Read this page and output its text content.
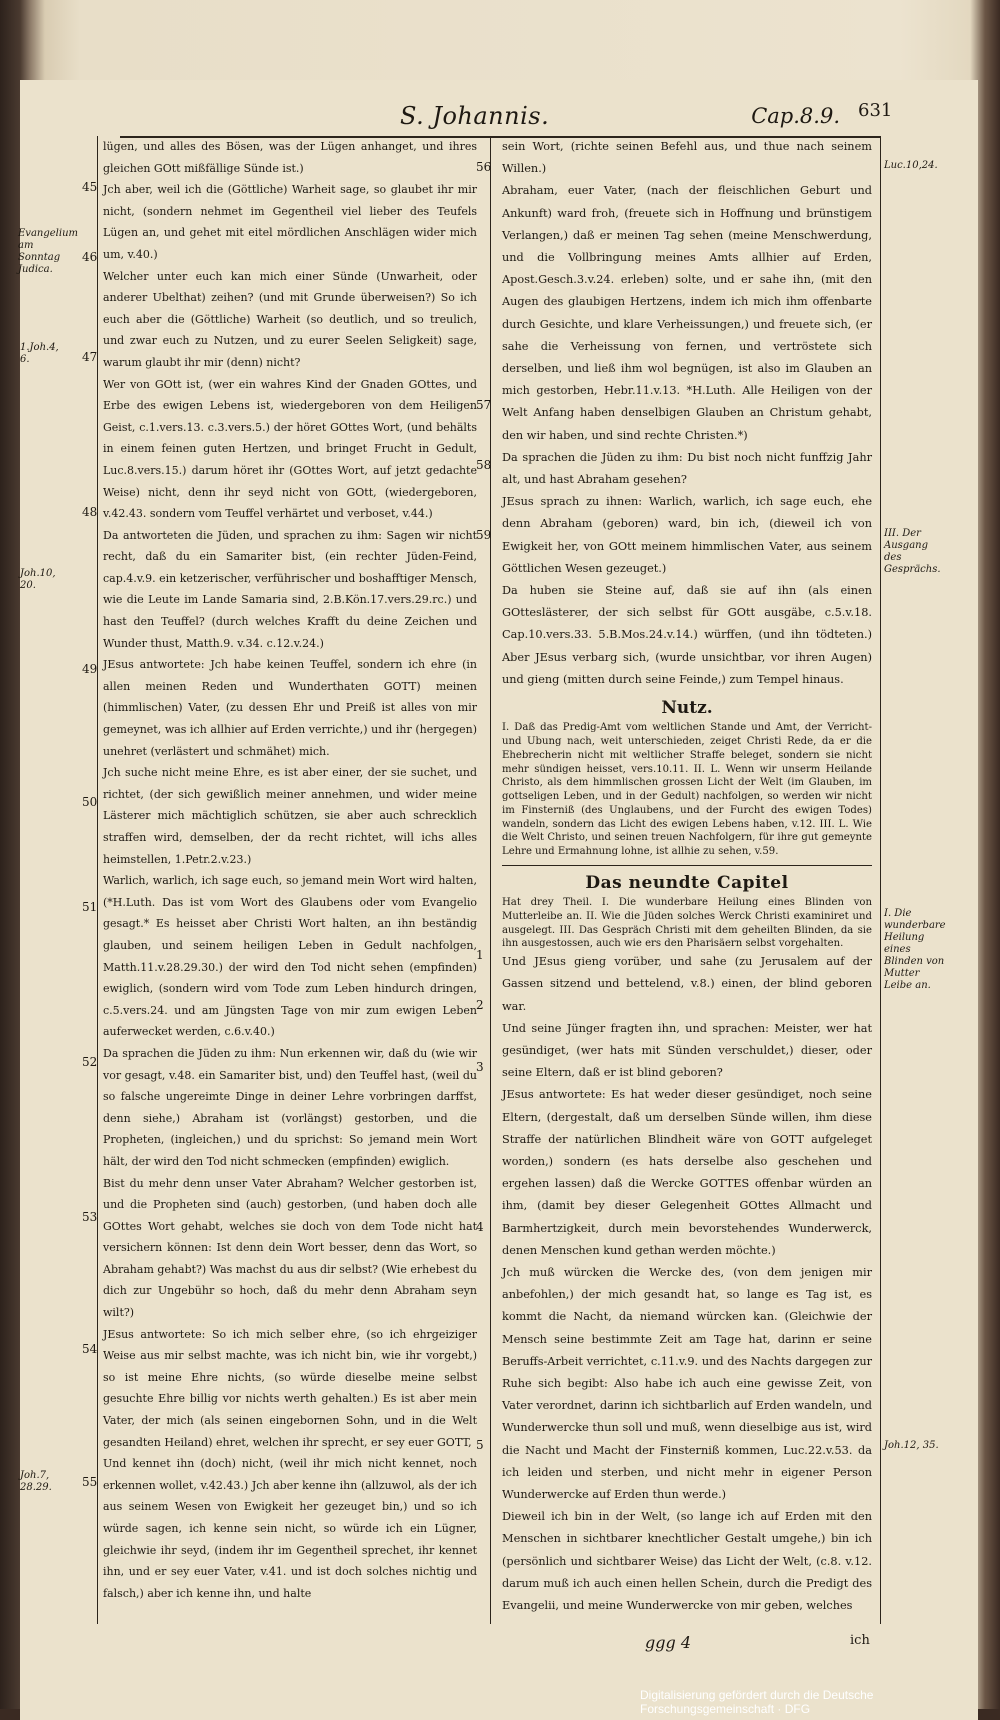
S. Johannis.	Cap.8.9. 631
45
46
47
48
49
50
51
52
53
54
55
56
57
58
59
1
2
3
4
5
Evangelium am Sonntag Judica.
1.Joh.4, 6.
Joh.10, 20.
Joh.7, 28.29.
Luc.10,24.
III. Der Ausgang des Gesprächs.
I. Die wunderbare Heilung eines Blinden von Mutter Leibe an.
Joh.12, 35.

lügen, und alles des Bösen, was der Lügen anhanget, und ihres gleichen GOtt mißfällige Sünde ist.)

Jch aber, weil ich die (Göttliche) Warheit sage, so glaubet ihr mir nicht, (sondern nehmet im Gegentheil viel lieber des Teufels Lügen an, und gehet mit eitel mördlichen Anschlägen wider mich um, v.40.)

Welcher unter euch kan mich einer Sünde (Unwarheit, oder anderer Ubelthat) zeihen? (und mit Grunde überweisen?) So ich euch aber die (Göttliche) Warheit (so deutlich, und so treulich, und zwar euch zu Nutzen, und zu eurer Seelen Seligkeit) sage, warum glaubt ihr mir (denn) nicht?

Wer von GOtt ist, (wer ein wahres Kind der Gnaden GOttes, und Erbe des ewigen Lebens ist, wiedergeboren von dem Heiligen Geist, c.1.vers.13. c.3.vers.5.) der höret GOttes Wort, (und behälts in einem feinen guten Hertzen, und bringet Frucht in Gedult, Luc.8.vers.15.) darum höret ihr (GOttes Wort, auf jetzt gedachte Weise) nicht, denn ihr seyd nicht von GOtt, (wiedergeboren, v.42.43. sondern vom Teuffel verhärtet und verboset, v.44.)

Da antworteten die Jüden, und sprachen zu ihm: Sagen wir nicht recht, daß du ein Samariter bist, (ein rechter Jüden-Feind, cap.4.v.9. ein ketzerischer, verführischer und boshafftiger Mensch, wie die Leute im Lande Samaria sind, 2.B.Kön.17.vers.29.rc.) und hast den Teuffel? (durch welches Krafft du deine Zeichen und Wunder thust, Matth.9. v.34. c.12.v.24.)

JEsus antwortete: Jch habe keinen Teuffel, sondern ich ehre (in allen meinen Reden und Wunderthaten GOTT) meinen (himmlischen) Vater, (zu dessen Ehr und Preiß ist alles von mir gemeynet, was ich allhier auf Erden verrichte,) und ihr (hergegen) unehret (verlästert und schmähet) mich.

Jch suche nicht meine Ehre, es ist aber einer, der sie suchet, und richtet, (der sich gewißlich meiner annehmen, und wider meine Lästerer mich mächtiglich schützen, sie aber auch schrecklich straffen wird, demselben, der da recht richtet, will ichs alles heimstellen, 1.Petr.2.v.23.)

Warlich, warlich, ich sage euch, so jemand mein Wort wird halten, (*H.Luth. Das ist vom Wort des Glaubens oder vom Evangelio gesagt.* Es heisset aber Christi Wort halten, an ihn beständig glauben, und seinem heiligen Leben in Gedult nachfolgen, Matth.11.v.28.29.30.) der wird den Tod nicht sehen (empfinden) ewiglich, (sondern wird vom Tode zum Leben hindurch dringen, c.5.vers.24. und am Jüngsten Tage von mir zum ewigen Leben auferwecket werden, c.6.v.40.)

Da sprachen die Jüden zu ihm: Nun erkennen wir, daß du (wie wir vor gesagt, v.48. ein Samariter bist, und) den Teuffel hast, (weil du so falsche ungereimte Dinge in deiner Lehre vorbringen darffst, denn siehe,) Abraham ist (vorlängst) gestorben, und die Propheten, (ingleichen,) und du sprichst: So jemand mein Wort hält, der wird den Tod nicht schmecken (empfinden) ewiglich.

Bist du mehr denn unser Vater Abraham? Welcher gestorben ist, und die Propheten sind (auch) gestorben, (und haben doch alle GOttes Wort gehabt, welches sie doch von dem Tode nicht hat versichern können: Ist denn dein Wort besser, denn das Wort, so Abraham gehabt?) Was machst du aus dir selbst? (Wie erhebest du dich zur Ungebühr so hoch, daß du mehr denn Abraham seyn wilt?)

JEsus antwortete: So ich mich selber ehre, (so ich ehrgeiziger Weise aus mir selbst machte, was ich nicht bin, wie ihr vorgebt,) so ist meine Ehre nichts, (so würde dieselbe meine selbst gesuchte Ehre billig vor nichts werth gehalten.) Es ist aber mein Vater, der mich (als seinen eingebornen Sohn, und in die Welt gesandten Heiland) ehret, welchen ihr sprecht, er sey euer GOTT,

Und kennet ihn (doch) nicht, (weil ihr mich nicht kennet, noch erkennen wollet, v.42.43.) Jch aber kenne ihn (allzuwol, als der ich aus seinem Wesen von Ewigkeit her gezeuget bin,) und so ich würde sagen, ich kenne sein nicht, so würde ich ein Lügner, gleichwie ihr seyd, (indem ihr im Gegentheil sprechet, ihr kennet ihn, und er sey euer Vater, v.41. und ist doch solches nichtig und falsch,) aber ich kenne ihn, und halte

sein Wort, (richte seinen Befehl aus, und thue nach seinem Willen.)

Abraham, euer Vater, (nach der fleischlichen Geburt und Ankunft) ward froh, (freuete sich in Hoffnung und brünstigem Verlangen,) daß er meinen Tag sehen (meine Menschwerdung, und die Vollbringung meines Amts allhier auf Erden, Apost.Gesch.3.v.24. erleben) solte, und er sahe ihn, (mit den Augen des glaubigen Hertzens, indem ich mich ihm offenbarte durch Gesichte, und klare Verheissungen,) und freuete sich, (er sahe die Verheissung von fernen, und vertröstete sich derselben, und ließ ihm wol begnügen, ist also im Glauben an mich gestorben, Hebr.11.v.13. *H.Luth. Alle Heiligen von der Welt Anfang haben denselbigen Glauben an Christum gehabt, den wir haben, und sind rechte Christen.*)

Da sprachen die Jüden zu ihm: Du bist noch nicht funffzig Jahr alt, und hast Abraham gesehen?

JEsus sprach zu ihnen: Warlich, warlich, ich sage euch, ehe denn Abraham (geboren) ward, bin ich, (dieweil ich von Ewigkeit her, von GOtt meinem himmlischen Vater, aus seinem Göttlichen Wesen gezeuget.)

Da huben sie Steine auf, daß sie auf ihn (als einen GOtteslästerer, der sich selbst für GOtt ausgäbe, c.5.v.18. Cap.10.vers.33. 5.B.Mos.24.v.14.) würffen, (und ihn tödteten.) Aber JEsus verbarg sich, (wurde unsichtbar, vor ihren Augen) und gieng (mitten durch seine Feinde,) zum Tempel hinaus.

Nutz.
I. Daß das Predig-Amt vom weltlichen Stande und Amt, der Verricht- und Ubung nach, weit unterschieden, zeiget Christi Rede, da er die Ehebrecherin nicht mit weltlicher Straffe beleget, sondern sie nicht mehr sündigen heisset, vers.10.11. II. L. Wenn wir unserm Heilande Christo, als dem himmlischen grossen Licht der Welt (im Glauben, im gottseligen Leben, und in der Gedult) nachfolgen, so werden wir nicht im Finsterniß (des Unglaubens, und der Furcht des ewigen Todes) wandeln, sondern das Licht des ewigen Lebens haben, v.12. III. L. Wie die Welt Christo, und seinen treuen Nachfolgern, für ihre gut gemeynte Lehre und Ermahnung lohne, ist allhie zu sehen, v.59.
Das neundte Capitel
Hat drey Theil. I. Die wunderbare Heilung eines Blinden von Mutterleibe an. II. Wie die Jüden solches Werck Christi examiniret und ausgelegt. III. Das Gespräch Christi mit dem geheilten Blinden, da sie ihn ausgestossen, auch wie ers den Pharisäern selbst vorgehalten.

Und JEsus gieng vorüber, und sahe (zu Jerusalem auf der Gassen sitzend und bettelend, v.8.) einen, der blind geboren war.

Und seine Jünger fragten ihn, und sprachen: Meister, wer hat gesündiget, (wer hats mit Sünden verschuldet,) dieser, oder seine Eltern, daß er ist blind geboren?

JEsus antwortete: Es hat weder dieser gesündiget, noch seine Eltern, (dergestalt, daß um derselben Sünde willen, ihm diese Straffe der natürlichen Blindheit wäre von GOTT aufgeleget worden,) sondern (es hats derselbe also geschehen und ergehen lassen) daß die Wercke GOTTES offenbar würden an ihm, (damit bey dieser Gelegenheit GOttes Allmacht und Barmhertzigkeit, durch mein bevorstehendes Wunderwerck, denen Menschen kund gethan werden möchte.)

Jch muß würcken die Wercke des, (von dem jenigen mir anbefohlen,) der mich gesandt hat, so lange es Tag ist, es kommt die Nacht, da niemand würcken kan. (Gleichwie der Mensch seine bestimmte Zeit am Tage hat, darinn er seine Beruffs-Arbeit verrichtet, c.11.v.9. und des Nachts dargegen zur Ruhe sich begibt: Also habe ich auch eine gewisse Zeit, von Vater verordnet, darinn ich sichtbarlich auf Erden wandeln, und Wunderwercke thun soll und muß, wenn dieselbige aus ist, wird die Nacht und Macht der Finsterniß kommen, Luc.22.v.53. da ich leiden und sterben, und nicht mehr in eigener Person Wunderwercke auf Erden thun werde.)

Dieweil ich bin in der Welt, (so lange ich auf Erden mit den Menschen in sichtbarer knechtlicher Gestalt umgehe,) bin ich (persönlich und sichtbarer Weise) das Licht der Welt, (c.8. v.12. darum muß ich auch einen hellen Schein, durch die Predigt des Evangelii, und meine Wunderwercke von mir geben, welches

ggg 4	ich
Digitalisierung gefördert durch die Deutsche Forschungsgemeinschaft · DFG
